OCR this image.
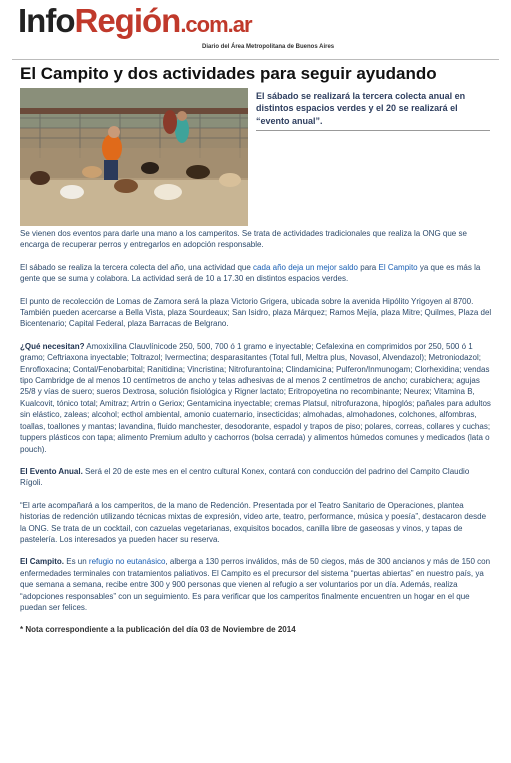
InfoRegión.com.ar
Diario del Área Metropolitana de Buenos Aires
El Campito y dos actividades para seguir ayudando
El sábado se realizará la tercera colecta anual en distintos espacios verdes y el 20 se realizará el “evento anual”.

Se vienen dos eventos para darle una mano a los camperitos. Se trata de actividades tradicionales que realiza la ONG que se encarga de recuperar perros y entregarlos en adopción responsable.

El sábado se realiza la tercera colecta del año, una actividad que cada año deja un mejor saldo para El Campito ya que es más la gente que se suma y colabora. La actividad será de 10 a 17.30 en distintos espacios verdes.

El punto de recolección de Lomas de Zamora será la plaza Victorio Grigera, ubicada sobre la avenida Hipólito Yrigoyen al 8700. También pueden acercarse a Bella Vista, plaza Sourdeaux; San Isidro, plaza Márquez; Ramos Mejía, plaza Mitre; Quilmes, Plaza del Bicentenario; Capital Federal, plaza Barracas de Belgrano.

¿Qué necesitan? Amoxixilina Clauvlínicode 250, 500, 700 ó 1 gramo e inyectable; Cefalexina en comprimidos por 250, 500 ó 1 gramo; Ceftriaxona inyectable; Toltrazol; Ivermectina; desparasitantes (Total full, Meltra plus, Novasol, Alvendazol); Metroniodazol; Enrofloxacina; Contal/Fenobarbital; Ranitidina; Vincristina; Nitrofurantoína; Clindamicina; Pulferon/Inmunogam; Clorhexidina; vendas tipo Cambridge de al menos 10 centímetros de ancho y telas adhesivas de al menos 2 centímetros de ancho; curabichera; agujas 25/8 y vías de suero; sueros Dextrosa, solución fisiológica y Rigner lactato; Eritropoyetina no recombinante; Neurex; Vitamina B, Kualcovit, tónico total; Amitraz; Artrin o Geriox; Gentamicina inyectable; cremas Platsul, nitrofurazona, hipoglós; pañales para adultos sin elástico, zaleas; alcohol; ecthol ambiental, amonio cuaternario, insecticidas; almohadas, almohadones, colchones, alfombras, toallas, toallones y mantas; lavandina, fluido manchester, desodorante, espadol y trapos de piso; polares, correas, collares y cuchas; tuppers plásticos con tapa; alimento Premium adulto y cachorros (bolsa cerrada) y alimentos húmedos comunes y medicados (lata o pouch).

El Evento Anual. Será el 20 de este mes en el centro cultural Konex, contará con conducción del padrino del Campito Claudio Rígoli.

“El arte acompañará a los camperitos, de la mano de Redención. Presentada por el Teatro Sanitario de Operaciones, plantea historias de redención utilizando técnicas mixtas de expresión, video arte, teatro, performance, música y poesía”, destacaron desde la ONG. Se trata de un cocktail, con cazuelas vegetarianas, exquisitos bocados, canilla libre de gaseosas y vinos, y tapas de pastelería. Los interesados ya pueden hacer su reserva.

El Campito. Es un refugio no eutanásico, alberga a 130 perros inválidos, más de 50 ciegos, más de 300 ancianos y más de 150 con enfermedades terminales con tratamientos paliativos. El Campito es el precursor del sistema “puertas abiertas” en nuestro país, ya que semana a semana, recibe entre 300 y 900 personas que vienen al refugio a ser voluntarios por un día. Además, realiza “adopciones responsables” con un seguimiento. Es para verificar que los camperitos finalmente encuentren un hogar en el que puedan ser felices.

* Nota correspondiente a la publicación del día 03 de Noviembre de 2014
